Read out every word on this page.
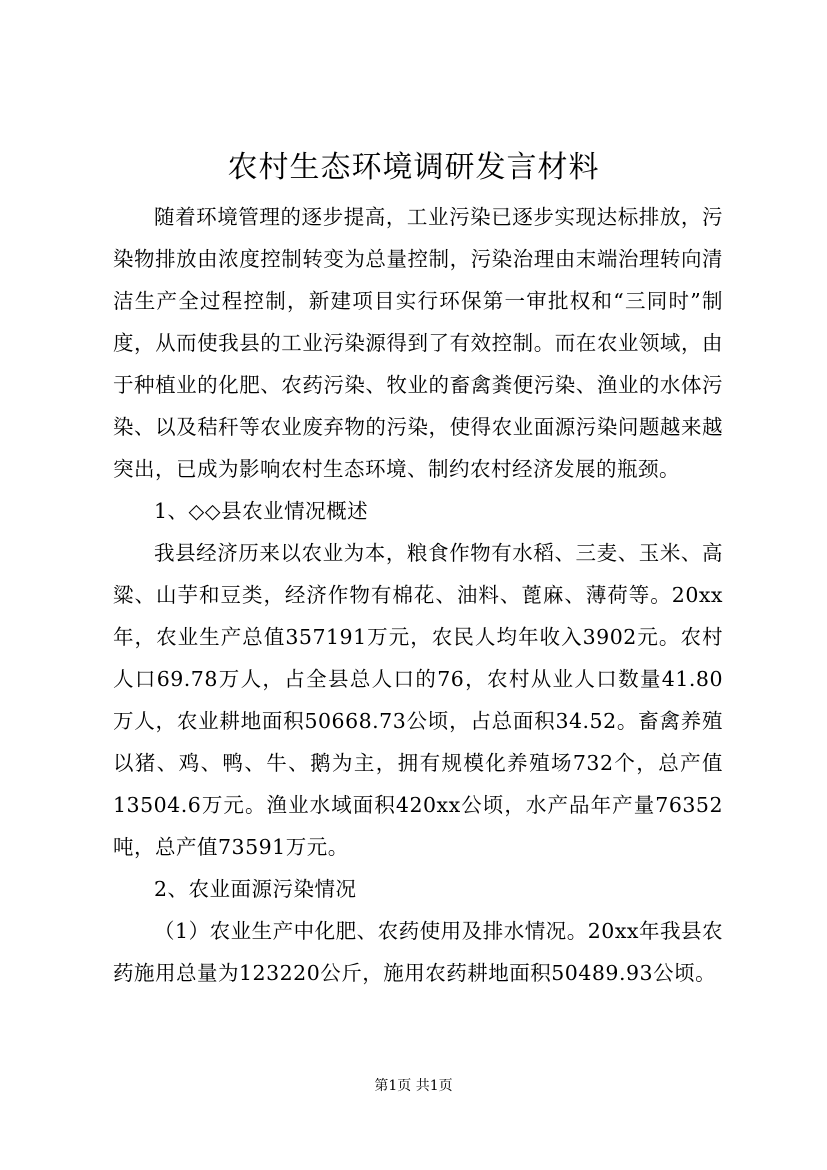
农村生态环境调研发言材料

随着环境管理的逐步提高，工业污染已逐步实现达标排放，污染物排放由浓度控制转变为总量控制，污染治理由末端治理转向清洁生产全过程控制，新建项目实行环保第一审批权和“三同时”制度，从而使我县的工业污染源得到了有效控制。而在农业领域，由于种植业的化肥、农药污染、牧业的畜禽粪便污染、渔业的水体污染、以及秸秆等农业废弃物的污染，使得农业面源污染问题越来越突出，已成为影响农村生态环境、制约农村经济发展的瓶颈。

1、◇◇县农业情况概述

我县经济历来以农业为本，粮食作物有水稻、三麦、玉米、高粱、山芋和豆类，经济作物有棉花、油料、蓖麻、薄荷等。20xx年，农业生产总值357191万元，农民人均年收入3902元。农村人口69.78万人，占全县总人口的76，农村从业人口数量41.80万人，农业耕地面积50668.73公顷，占总面积34.52。畜禽养殖以猪、鸡、鸭、牛、鹅为主，拥有规模化养殖场732个，总产值13504.6万元。渔业水域面积420xx公顷，水产品年产量76352吨，总产值73591万元。

2、农业面源污染情况

（1）农业生产中化肥、农药使用及排水情况。20xx年我县农药施用总量为123220公斤，施用农药耕地面积50489.93公顷。

第1页 共1页
